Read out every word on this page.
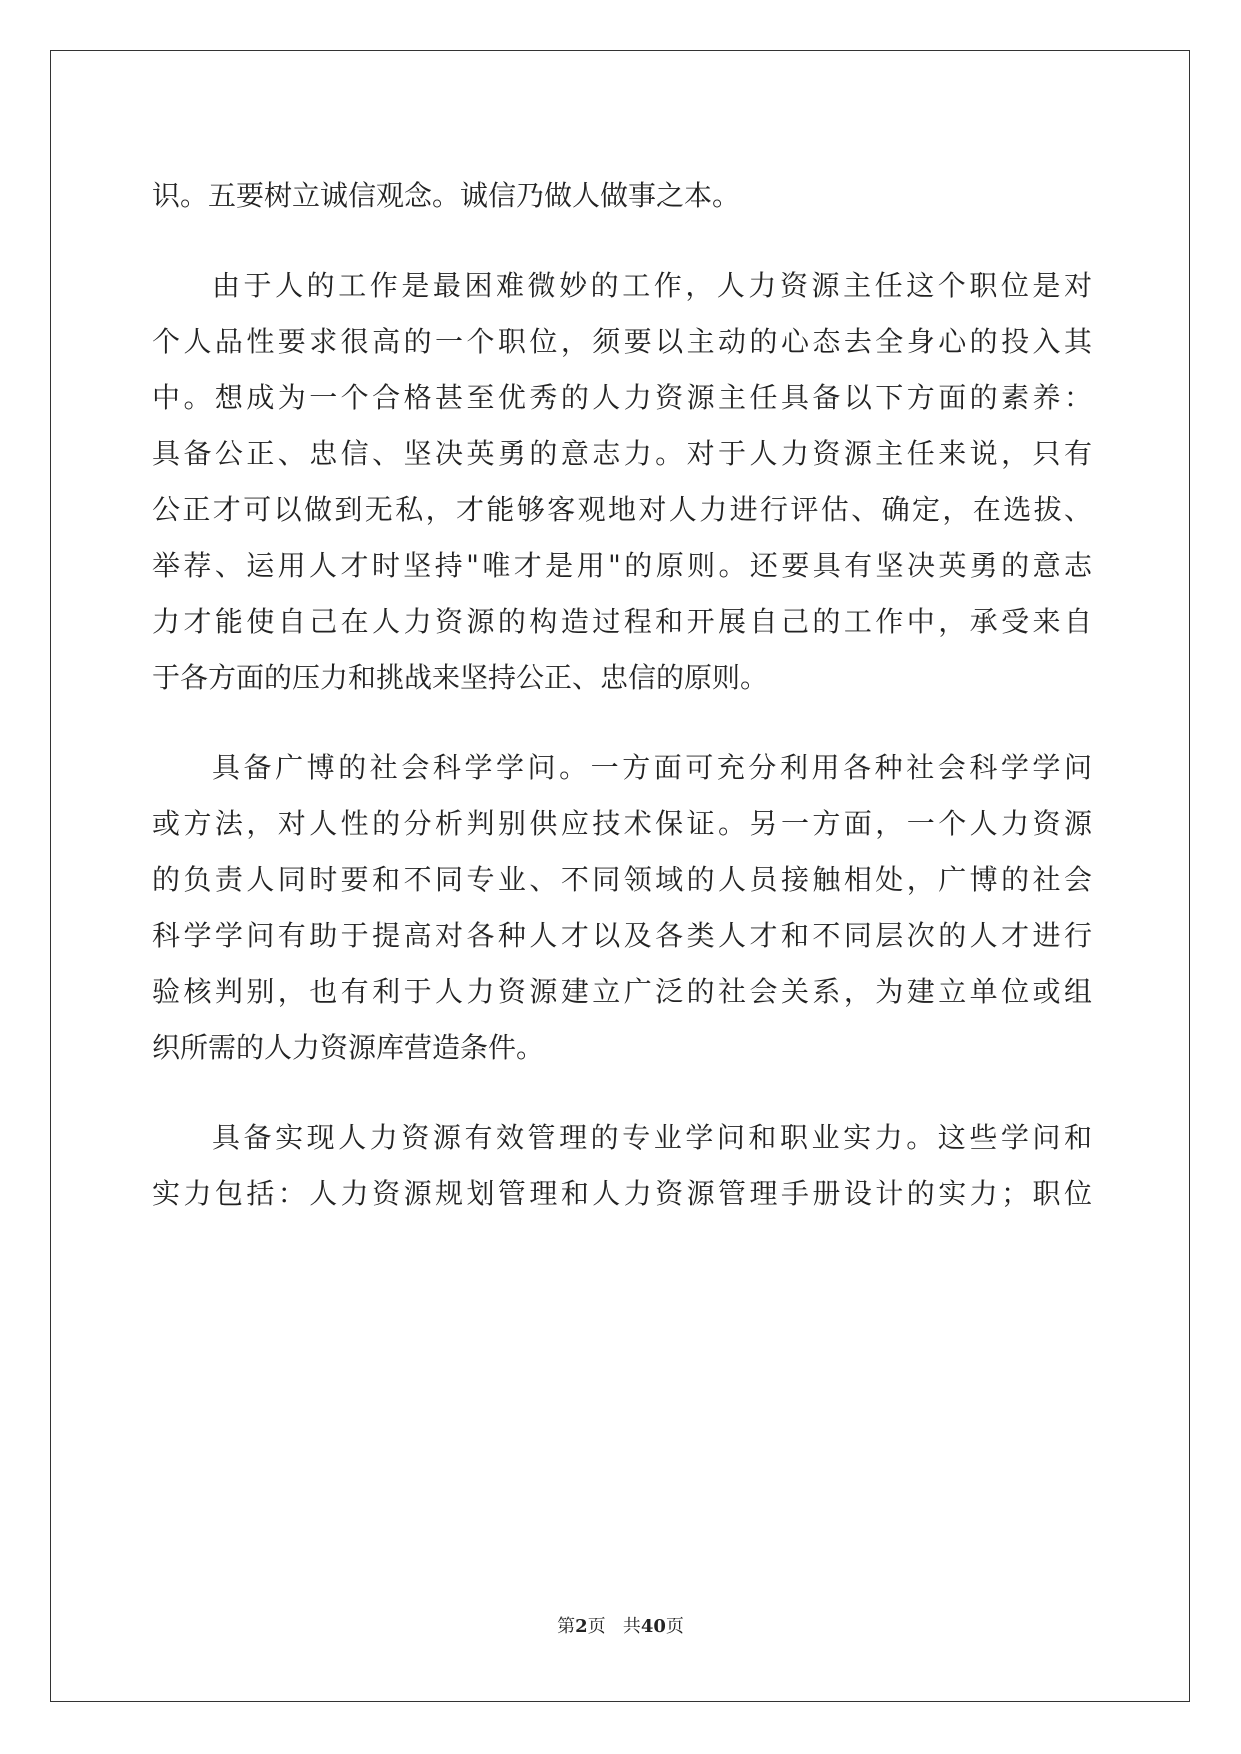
识。五要树立诚信观念。诚信乃做人做事之本。
由于人的工作是最困难微妙的工作，人力资源主任这个职位是对
个人品性要求很高的一个职位，须要以主动的心态去全身心的投入其
中。想成为一个合格甚至优秀的人力资源主任具备以下方面的素养：
具备公正、忠信、坚决英勇的意志力。对于人力资源主任来说，只有
公正才可以做到无私，才能够客观地对人力进行评估、确定，在选拔、
举荐、运用人才时坚持"唯才是用"的原则。还要具有坚决英勇的意志
力才能使自己在人力资源的构造过程和开展自己的工作中，承受来自
于各方面的压力和挑战来坚持公正、忠信的原则。
具备广博的社会科学学问。一方面可充分利用各种社会科学学问
或方法，对人性的分析判别供应技术保证。另一方面，一个人力资源
的负责人同时要和不同专业、不同领域的人员接触相处，广博的社会
科学学问有助于提高对各种人才以及各类人才和不同层次的人才进行
验核判别，也有利于人力资源建立广泛的社会关系，为建立单位或组
织所需的人力资源库营造条件。
具备实现人力资源有效管理的专业学问和职业实力。这些学问和
实力包括：人力资源规划管理和人力资源管理手册设计的实力；职位
第2页 共40页
